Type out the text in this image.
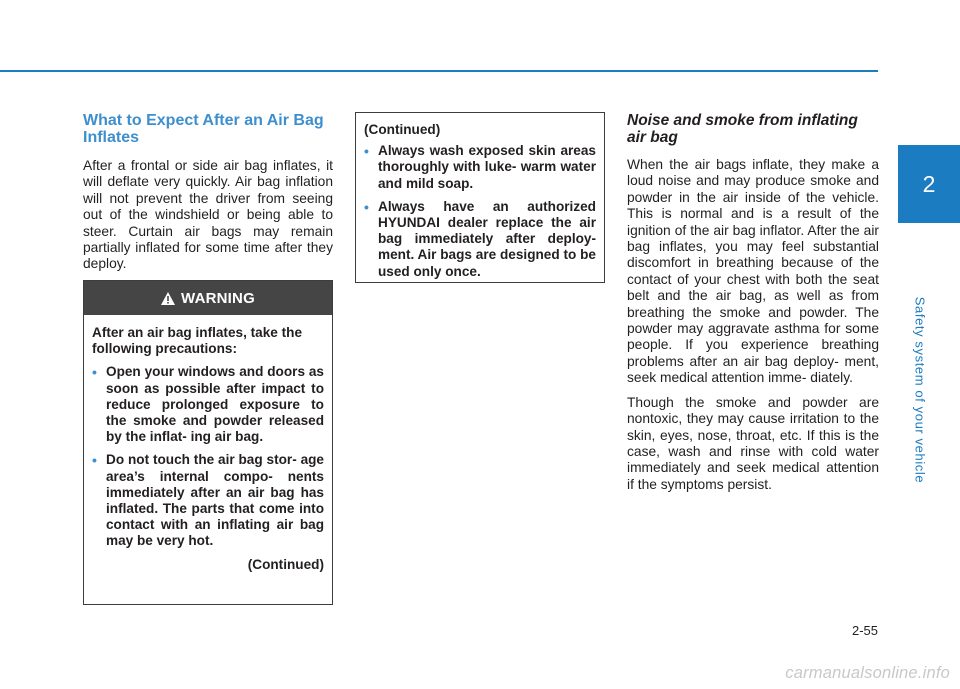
What to Expect After an Air Bag Inflates

After a frontal or side air bag inflates, it will deflate very quickly. Air bag inflation will not prevent the driver from seeing out of the windshield or being able to steer. Curtain air bags may remain partially inflated for some time after they deploy.

WARNING

After an air bag inflates, take the following precautions:

• Open your windows and doors as soon as possible after impact to reduce prolonged exposure to the smoke and powder released by the inflat- ing air bag.
• Do not touch the air bag stor- age area’s internal compo- nents immediately after an air bag has inflated. The parts that come into contact with an inflating air bag may be very hot.

(Continued)

(Continued)

• Always wash exposed skin areas thoroughly with luke- warm water and mild soap.
• Always have an authorized HYUNDAI dealer replace the air bag immediately after deploy- ment. Air bags are designed to be used only once.
Noise and smoke from inflating air bag

When the air bags inflate, they make a loud noise and may produce smoke and powder in the air inside of the vehicle. This is normal and is a result of the ignition of the air bag inflator. After the air bag inflates, you may feel substantial discomfort in breathing because of the contact of your chest with both the seat belt and the air bag, as well as from breathing the smoke and powder. The powder may aggravate asthma for some people. If you experience breathing problems after an air bag deploy- ment, seek medical attention imme- diately.

Though the smoke and powder are nontoxic, they may cause irritation to the skin, eyes, nose, throat, etc. If this is the case, wash and rinse with cold water immediately and seek medical attention if the symptoms persist.

2
Safety system of your vehicle
2-55
carmanualsonline.info
